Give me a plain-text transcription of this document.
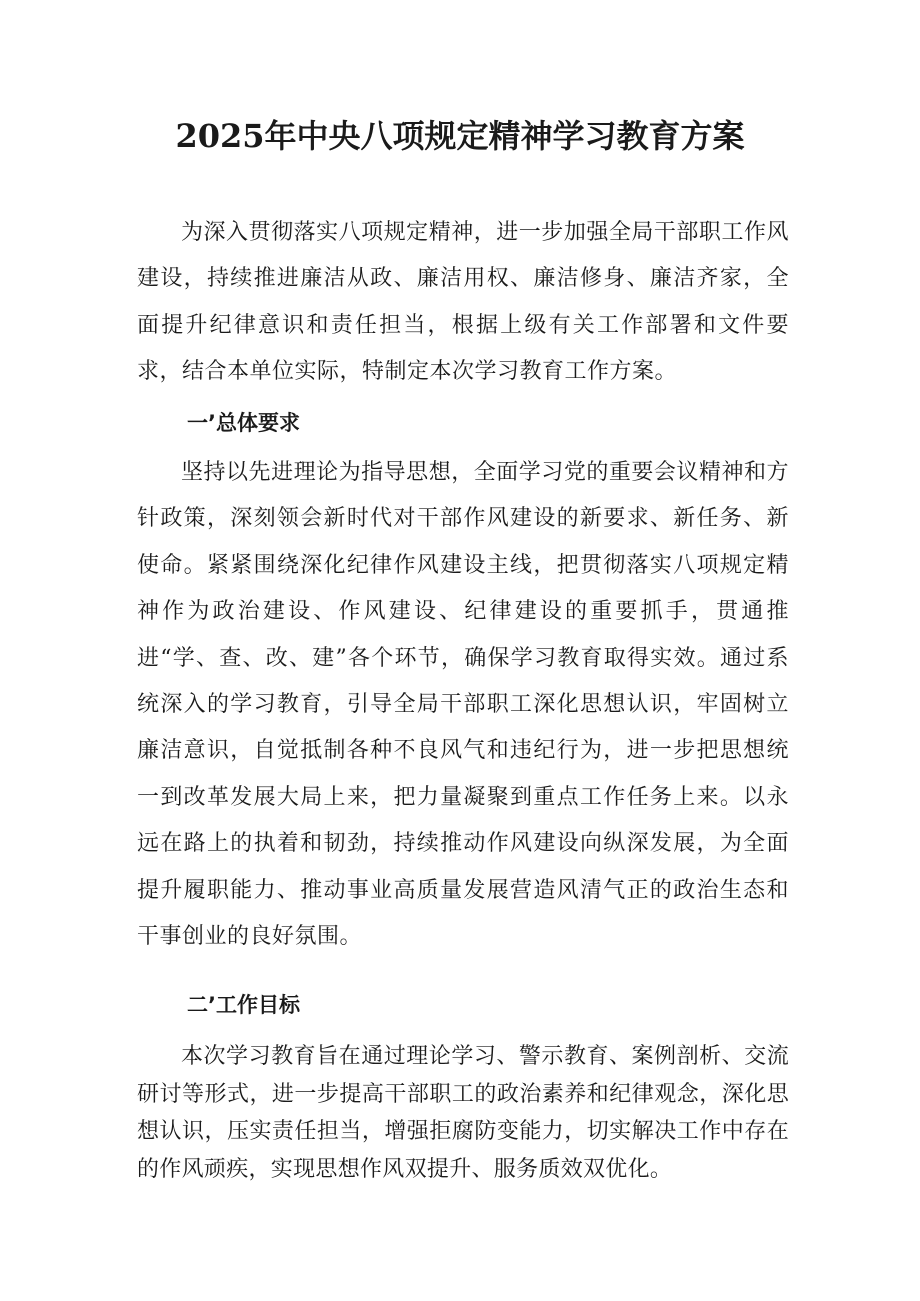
2025年中央八项规定精神学习教育方案

为深入贯彻落实八项规定精神，进一步加强全局干部职工作风建设，持续推进廉洁从政、廉洁用权、廉洁修身、廉洁齐家，全面提升纪律意识和责任担当，根据上级有关工作部署和文件要求，结合本单位实际，特制定本次学习教育工作方案。

一’总体要求

坚持以先进理论为指导思想，全面学习党的重要会议精神和方针政策，深刻领会新时代对干部作风建设的新要求、新任务、新使命。紧紧围绕深化纪律作风建设主线，把贯彻落实八项规定精神作为政治建设、作风建设、纪律建设的重要抓手，贯通推进“学、查、改、建”各个环节，确保学习教育取得实效。通过系统深入的学习教育，引导全局干部职工深化思想认识，牢固树立廉洁意识，自觉抵制各种不良风气和违纪行为，进一步把思想统一到改革发展大局上来，把力量凝聚到重点工作任务上来。以永远在路上的执着和韧劲，持续推动作风建设向纵深发展，为全面提升履职能力、推动事业高质量发展营造风清气正的政治生态和干事创业的良好氛围。

二’工作目标

本次学习教育旨在通过理论学习、警示教育、案例剖析、交流研讨等形式，进一步提高干部职工的政治素养和纪律观念，深化思想认识，压实责任担当，增强拒腐防变能力，切实解决工作中存在的作风顽疾，实现思想作风双提升、服务质效双优化。
